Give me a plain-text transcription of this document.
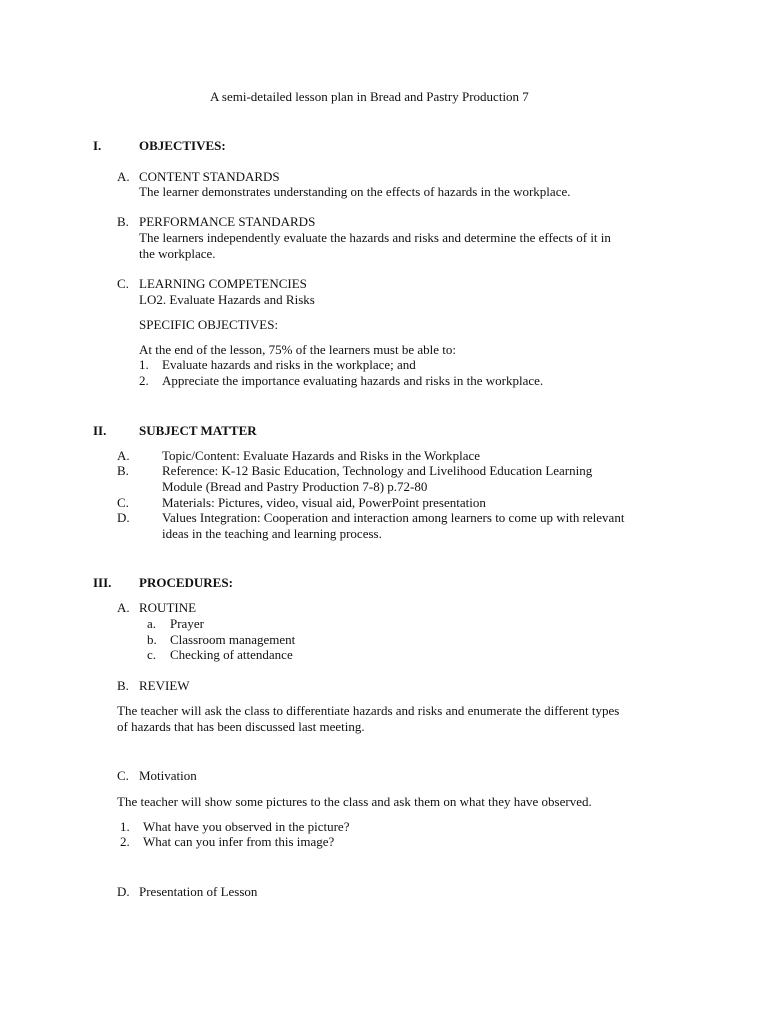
A semi-detailed lesson plan in Bread and Pastry Production 7
I.	OBJECTIVES:
A. CONTENT STANDARDS
The learner demonstrates understanding on the effects of hazards in the workplace.
B. PERFORMANCE STANDARDS
The learners independently evaluate the hazards and risks and determine the effects of it in
the workplace.
C. LEARNING COMPETENCIES
LO2. Evaluate Hazards and Risks
SPECIFIC OBJECTIVES:
At the end of the lesson, 75% of the learners must be able to:
1. Evaluate hazards and risks in the workplace; and
2. Appreciate the importance evaluating hazards and risks in the workplace.
II.	SUBJECT MATTER
A. Topic/Content: Evaluate Hazards and Risks in the Workplace
B.	Reference: K-12 Basic Education, Technology and Livelihood Education Learning
Module (Bread and Pastry Production 7-8) p.72-80
C.	Materials: Pictures, video, visual aid, PowerPoint presentation
D. Values Integration: Cooperation and interaction among learners to come up with relevant
ideas in the teaching and learning process.
III. PROCEDURES:
A. ROUTINE
a. Prayer
b. Classroom management
c. Checking of attendance
B. REVIEW
The teacher will ask the class to differentiate hazards and risks and enumerate the different types
of hazards that has been discussed last meeting.
C. Motivation
The teacher will show some pictures to the class and ask them on what they have observed.
1. What have you observed in the picture?
2. What can you infer from this image?
D. Presentation of Lesson
